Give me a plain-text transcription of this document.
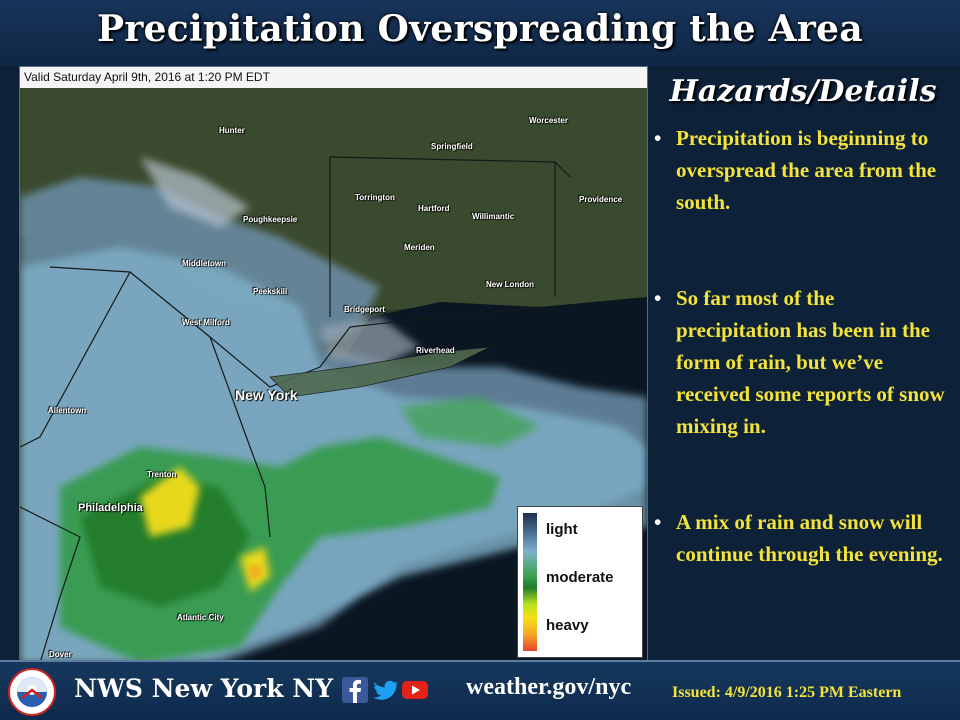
Precipitation Overspreading the Area
Valid Saturday April 9th, 2016 at 1:20 PM EDT
Hunter
Worcester
Springfield
Torrington
Hartford
Providence
Poughkeepsie	Willimantic
Meriden
Middletown
New London
Peekskill
Bridgeport
West Milford
Riverhead
New York
Allentown
Trenton
Philadelphia
Atlantic City
Dover
light
moderate
heavy
Hazards/Details
• Precipitation is beginning to overspread the area from the south.
• So far most of the precipitation has been in the form of rain, but we’ve received some reports of snow mixing in.
• A mix of rain and snow will continue through the evening.
NWS New York NY	weather.gov/nyc	Issued: 4/9/2016 1:25 PM Eastern
